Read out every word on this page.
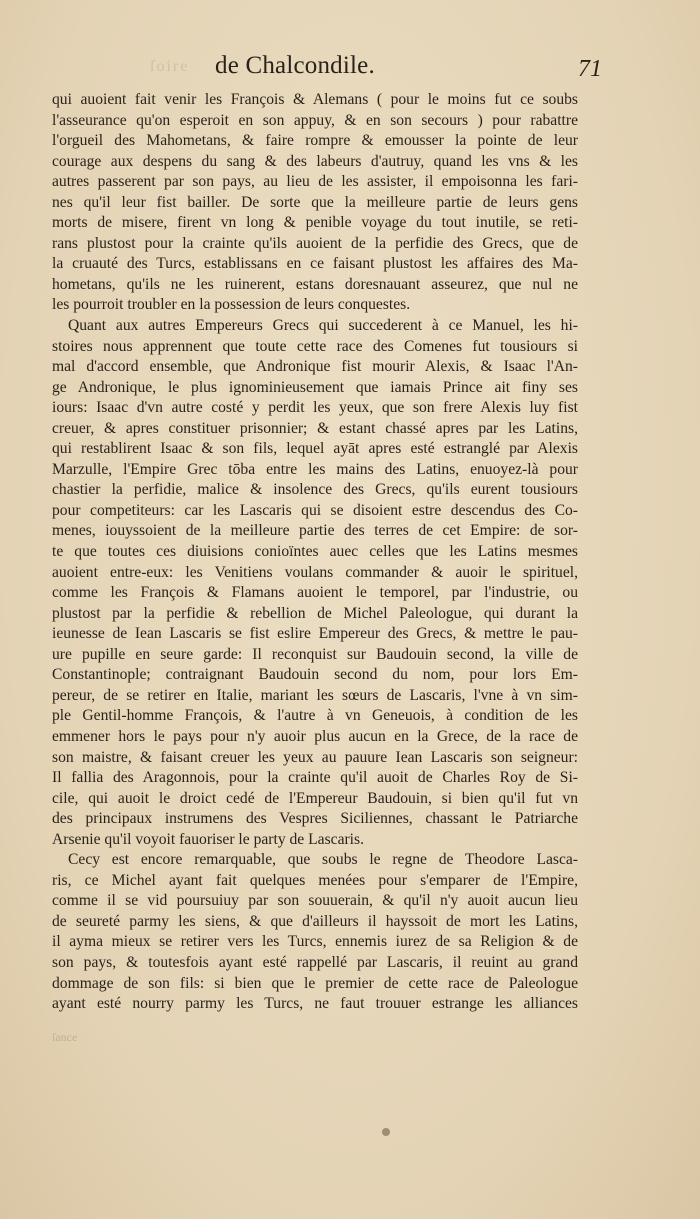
ſoire de Chalcondile.	71
qui auoient fait venir les François & Alemans ( pour le moins fut ce soubs
l'asseurance qu'on esperoit en son appuy, & en son secours ) pour rabattre
l'orgueil des Mahometans, & faire rompre & emousser la pointe de leur
courage aux despens du sang & des labeurs d'autruy, quand les vns & les
autres passerent par son pays, au lieu de les assister, il empoisonna les fari-
nes qu'il leur fist bailler. De sorte que la meilleure partie de leurs gens
morts de misere, firent vn long & penible voyage du tout inutile, se reti-
rans plustost pour la crainte qu'ils auoient de la perfidie des Grecs, que de
la cruauté des Turcs, establissans en ce faisant plustost les affaires des Ma-
hometans, qu'ils ne les ruinerent, estans doresnauant asseurez, que nul ne
les pourroit troubler en la possession de leurs conquestes.
Quant aux autres Empereurs Grecs qui succederent à ce Manuel, les hi-
stoires nous apprennent que toute cette race des Comenes fut tousiours si
mal d'accord ensemble, que Andronique fist mourir Alexis, & Isaac l'An-
ge Andronique, le plus ignominieusement que iamais Prince ait finy ses
iours: Isaac d'vn autre costé y perdit les yeux, que son frere Alexis luy fist
creuer, & apres constituer prisonnier; & estant chassé apres par les Latins,
qui restablirent Isaac & son fils, lequel ayāt apres esté estranglé par Alexis
Marzulle, l'Empire Grec tōba entre les mains des Latins, enuoyez-là pour
chastier la perfidie, malice & insolence des Grecs, qu'ils eurent tousiours
pour competiteurs: car les Lascaris qui se disoient estre descendus des Co-
menes, iouyssoient de la meilleure partie des terres de cet Empire: de sor-
te que toutes ces diuisions conioïntes auec celles que les Latins mesmes
auoient entre-eux: les Venitiens voulans commander & auoir le spirituel,
comme les François & Flamans auoient le temporel, par l'industrie, ou
plustost par la perfidie & rebellion de Michel Paleologue, qui durant la
ieunesse de Iean Lascaris se fist eslire Empereur des Grecs, & mettre le pau-
ure pupille en seure garde: Il reconquist sur Baudouin second, la ville de
Constantinople; contraignant Baudouin second du nom, pour lors Em-
pereur, de se retirer en Italie, mariant les sœurs de Lascaris, l'vne à vn sim-
ple Gentil-homme François, & l'autre à vn Geneuois, à condition de les
emmener hors le pays pour n'y auoir plus aucun en la Grece, de la race de
son maistre, & faisant creuer les yeux au pauure Iean Lascaris son seigneur:
Il fallia des Aragonnois, pour la crainte qu'il auoit de Charles Roy de Si-
cile, qui auoit le droict cedé de l'Empereur Baudouin, si bien qu'il fut vn
des principaux instrumens des Vespres Siciliennes, chassant le Patriarche
Arsenie qu'il voyoit fauoriser le party de Lascaris.
Cecy est encore remarquable, que soubs le regne de Theodore Lasca-
ris, ce Michel ayant fait quelques menées pour s'emparer de l'Empire,
comme il se vid poursuiuy par son souuerain, & qu'il n'y auoit aucun lieu
de seureté parmy les siens, & que d'ailleurs il hayssoit de mort les Latins,
il ayma mieux se retirer vers les Turcs, ennemis iurez de sa Religion & de
son pays, & toutesfois ayant esté rappellé par Lascaris, il reuint au grand
dommage de son fils: si bien que le premier de cette race de Paleologue
ayant esté nourry parmy les Turcs, ne faut trouuer estrange les alliances
ſance
